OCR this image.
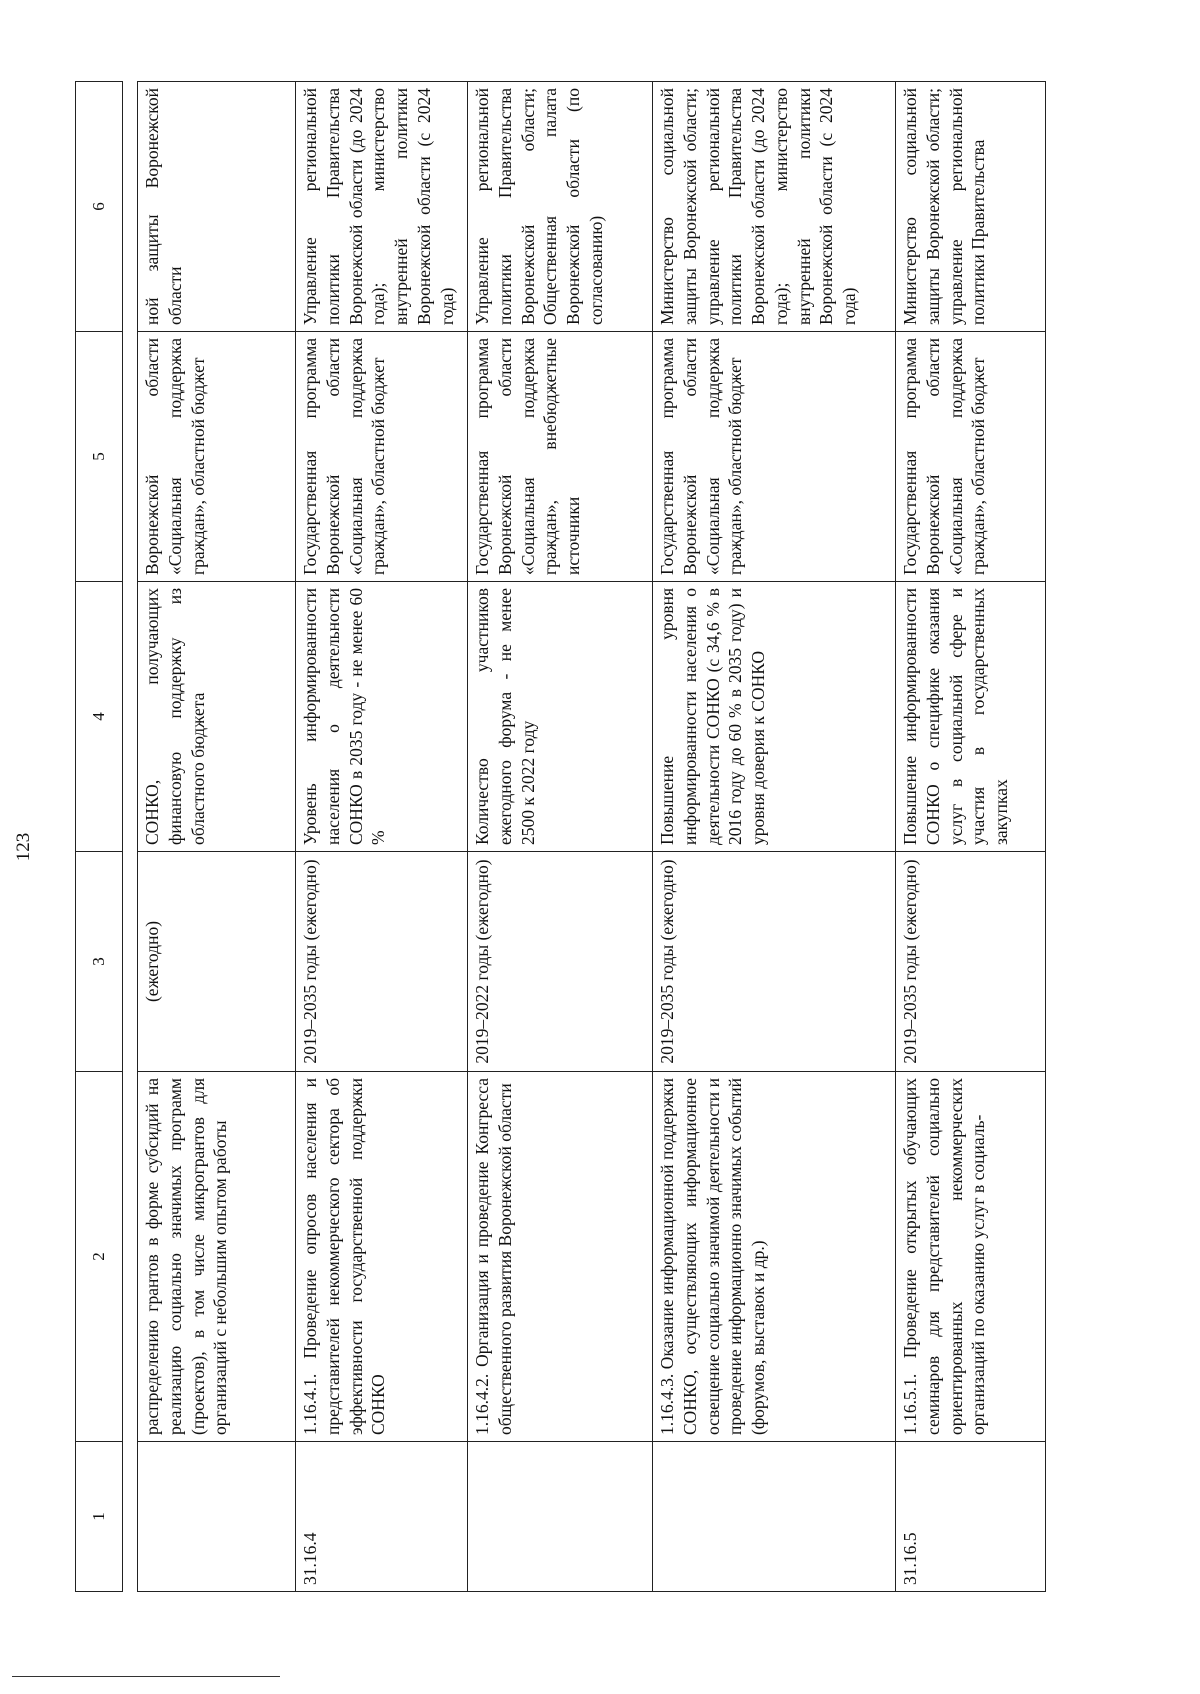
123
1	2	3	4	5	6

	распределению грантов в форме субсидий на реализацию социально значимых программ (проектов), в том числе микрогрантов для организаций с небольшим опытом работы	(ежегодно)	СОНКО, получающих финансовую поддержку из областного бюджета	Воронежской области «Социальная поддержка граждан», областной бюджет	ной защиты Воронежской области
31.16.4	1.16.4.1. Проведение опросов населения и представителей некоммерческого сектора об эффективности государственной поддержки СОНКО	2019–2035 годы (ежегодно)	Уровень информированности населения о деятельности СОНКО в 2035 году - не менее 60 %	Государственная программа Воронежской области «Социальная поддержка граждан», областной бюджет	Управление региональной политики Правительства Воронежской области (до 2024 года); министерство внутренней политики Воронежской области (с 2024 года)
	1.16.4.2. Организация и проведение Конгресса общественного развития Воронежской области	2019–2022 годы (ежегодно)	Количество участников ежегодного форума - не менее 2500 к 2022 году	Государственная программа Воронежской области «Социальная поддержка граждан», внебюджетные источники	Управление региональной политики Правительства Воронежской области; Общественная палата Воронежской области (по согласованию)
	1.16.4.3. Оказание информационной поддержки СОНКО, осуществляющих информационное освещение социально значимой деятельности и проведение информационно значимых событий (форумов, выставок и др.)	2019–2035 годы (ежегодно)	Повышение уровня информированности населения о деятельности СОНКО (с 34,6 % в 2016 году до 60 % в 2035 году) и уровня доверия к СОНКО	Государственная программа Воронежской области «Социальная поддержка граждан», областной бюджет	Министерство социальной защиты Воронежской области; управление региональной политики Правительства Воронежской области (до 2024 года); министерство внутренней политики Воронежской области (с 2024 года)
31.16.5	1.16.5.1. Проведение открытых обучающих семинаров для представителей социально ориентированных некоммерческих организаций по оказанию услуг в социаль-	2019–2035 годы (ежегодно)	Повышение информированности СОНКО о специфике оказания услуг в социальной сфере и участия в государственных закупках	Государственная программа Воронежской области «Социальная поддержка граждан», областной бюджет	Министерство социальной защиты Воронежской области; управление региональной политики Правительства
